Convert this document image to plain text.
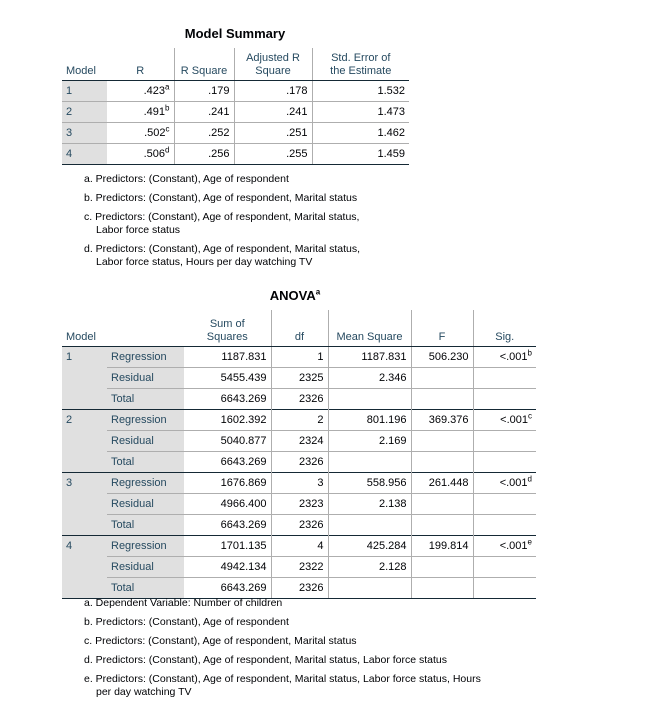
Model Summary
Model	R	R Square	Adjusted R
Square	Std. Error of
the Estimate
1	.423$^a$	.179	.178	1.532
2	.491$^b$	.241	.241	1.473
3	.502$^c$	.252	.251	1.462
4	.506$^d$	.256	.255	1.459
a. Predictors: (Constant), Age of respondent
b. Predictors: (Constant), Age of respondent, Marital status
c. Predictors: (Constant), Age of respondent, Marital status,
Labor force status
d. Predictors: (Constant), Age of respondent, Marital status,
Labor force status, Hours per day watching TV
ANOVA$^a$
Model		Sum of
Squares	df	Mean Square	F	Sig.
1	Regression	1187.831	1	1187.831	506.230	<.001$^b$
	Residual	5455.439	2325	2.346		
	Total	6643.269	2326			
2	Regression	1602.392	2	801.196	369.376	<.001$^c$
	Residual	5040.877	2324	2.169		
	Total	6643.269	2326			
3	Regression	1676.869	3	558.956	261.448	<.001$^d$
	Residual	4966.400	2323	2.138		
	Total	6643.269	2326			
4	Regression	1701.135	4	425.284	199.814	<.001$^e$
	Residual	4942.134	2322	2.128		
	Total	6643.269	2326			
a. Dependent Variable: Number of children
b. Predictors: (Constant), Age of respondent
c. Predictors: (Constant), Age of respondent, Marital status
d. Predictors: (Constant), Age of respondent, Marital status, Labor force status
e. Predictors: (Constant), Age of respondent, Marital status, Labor force status, Hours
per day watching TV
